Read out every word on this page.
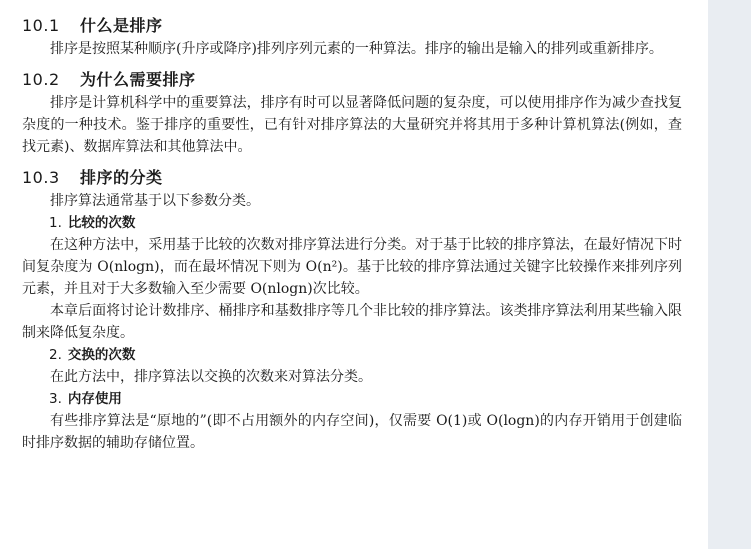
10.1 什么是排序

排序是按照某种顺序(升序或降序)排列序列元素的一种算法。排序的输出是输入的排列或重新排序。

10.2 为什么需要排序

排序是计算机科学中的重要算法，排序有时可以显著降低问题的复杂度，可以使用排序作为减少查找复杂度的一种技术。鉴于排序的重要性，已有针对排序算法的大量研究并将其用于多种计算机算法(例如，查找元素)、数据库算法和其他算法中。

10.3 排序的分类

排序算法通常基于以下参数分类。

1. 比较的次数

在这种方法中，采用基于比较的次数对排序算法进行分类。对于基于比较的排序算法，在最好情况下时间复杂度为 O(nlogn)，而在最坏情况下则为 O(n²)。基于比较的排序算法通过关键字比较操作来排列序列元素，并且对于大多数输入至少需要 O(nlogn)次比较。

本章后面将讨论计数排序、桶排序和基数排序等几个非比较的排序算法。该类排序算法利用某些输入限制来降低复杂度。

2. 交换的次数

在此方法中，排序算法以交换的次数来对算法分类。

3. 内存使用

有些排序算法是“原地的”(即不占用额外的内存空间)，仅需要 O(1)或 O(logn)的内存开销用于创建临时排序数据的辅助存储位置。
